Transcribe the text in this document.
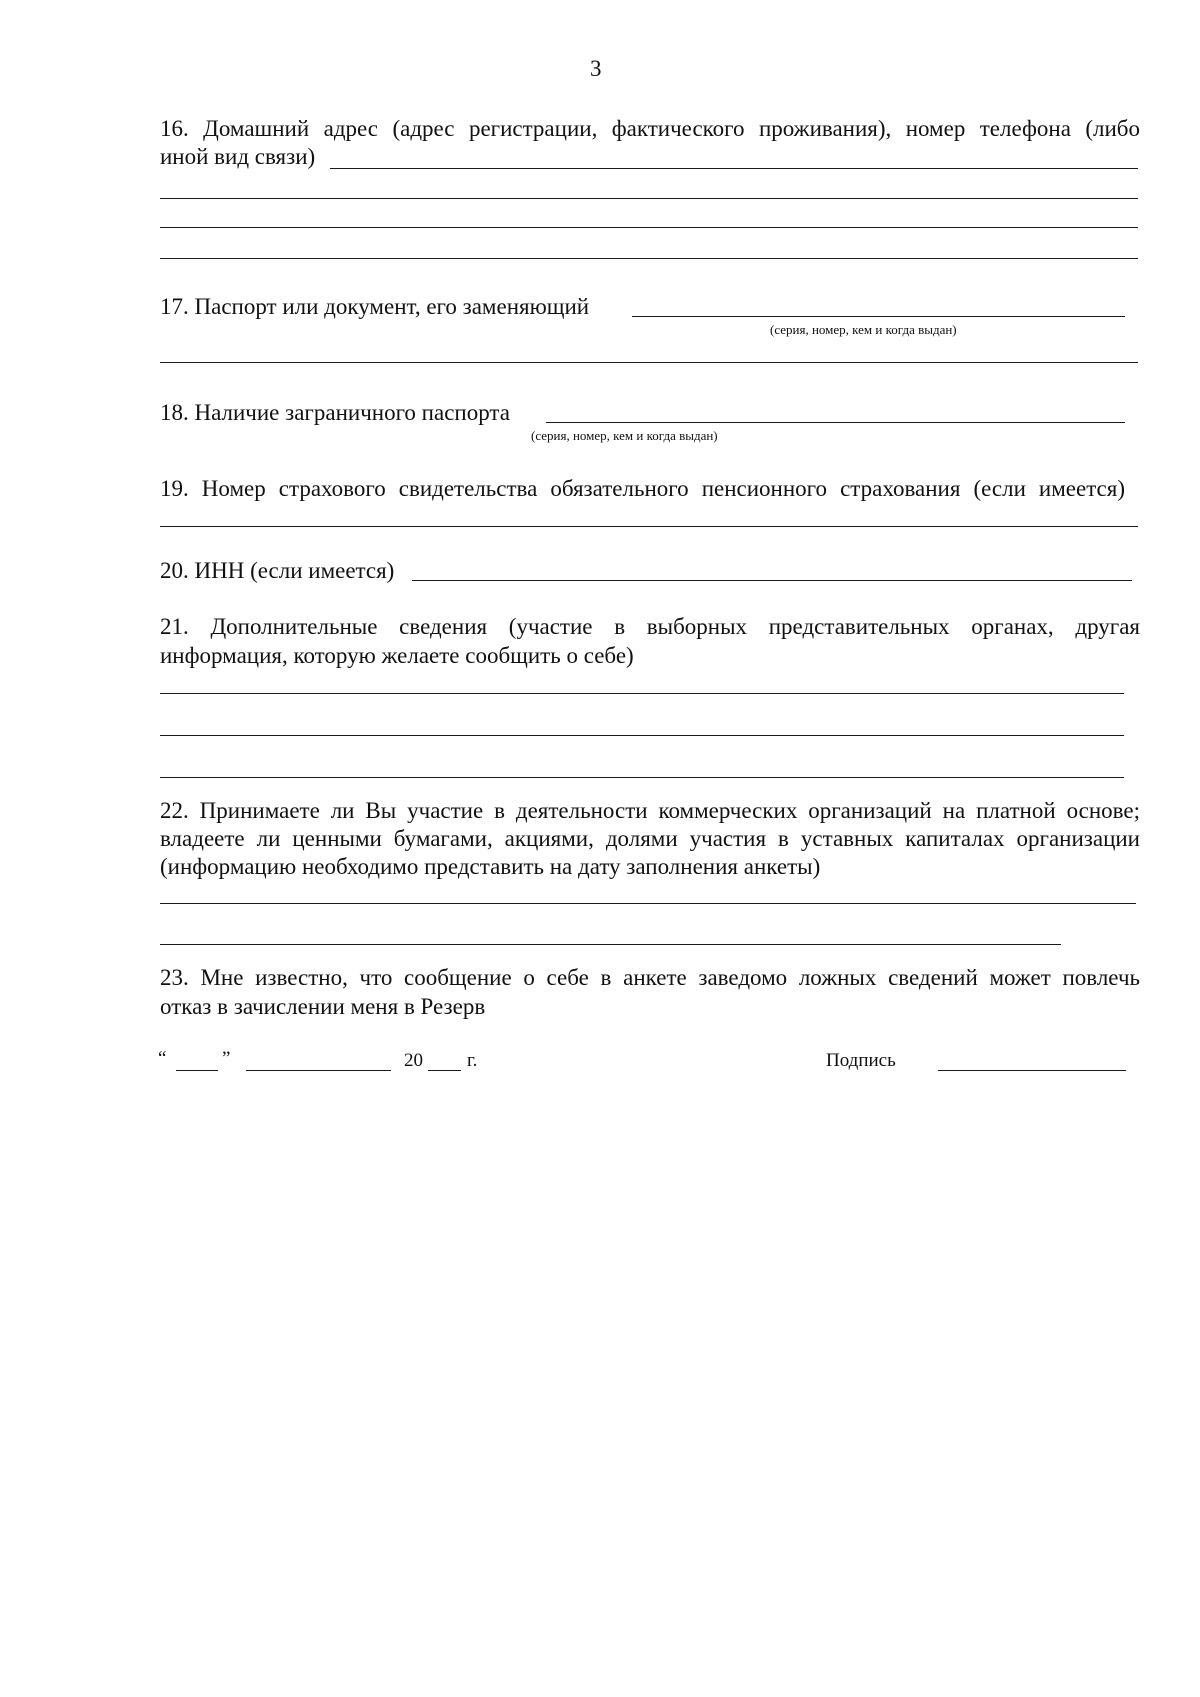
3
16. Домашний адрес (адрес регистрации, фактического проживания), номер телефона (либо
иной вид связи)
17. Паспорт или документ, его заменяющий
(серия, номер, кем и когда выдан)
18. Наличие заграничного паспорта
(серия, номер, кем и когда выдан)
19. Номер страхового свидетельства обязательного пенсионного страхования (если имеется)
20. ИНН (если имеется)
21. Дополнительные сведения (участие в выборных представительных органах, другая
информация, которую желаете сообщить о себе)
22. Принимаете ли Вы участие в деятельности коммерческих организаций на платной основе;
владеете ли ценными бумагами, акциями, долями участия в уставных капиталах организации
(информацию необходимо представить на дату заполнения анкеты)
23. Мне известно, что сообщение о себе в анкете заведомо ложных сведений может повлечь
отказ в зачислении меня в Резерв
“	”	20 г.	Подпись
